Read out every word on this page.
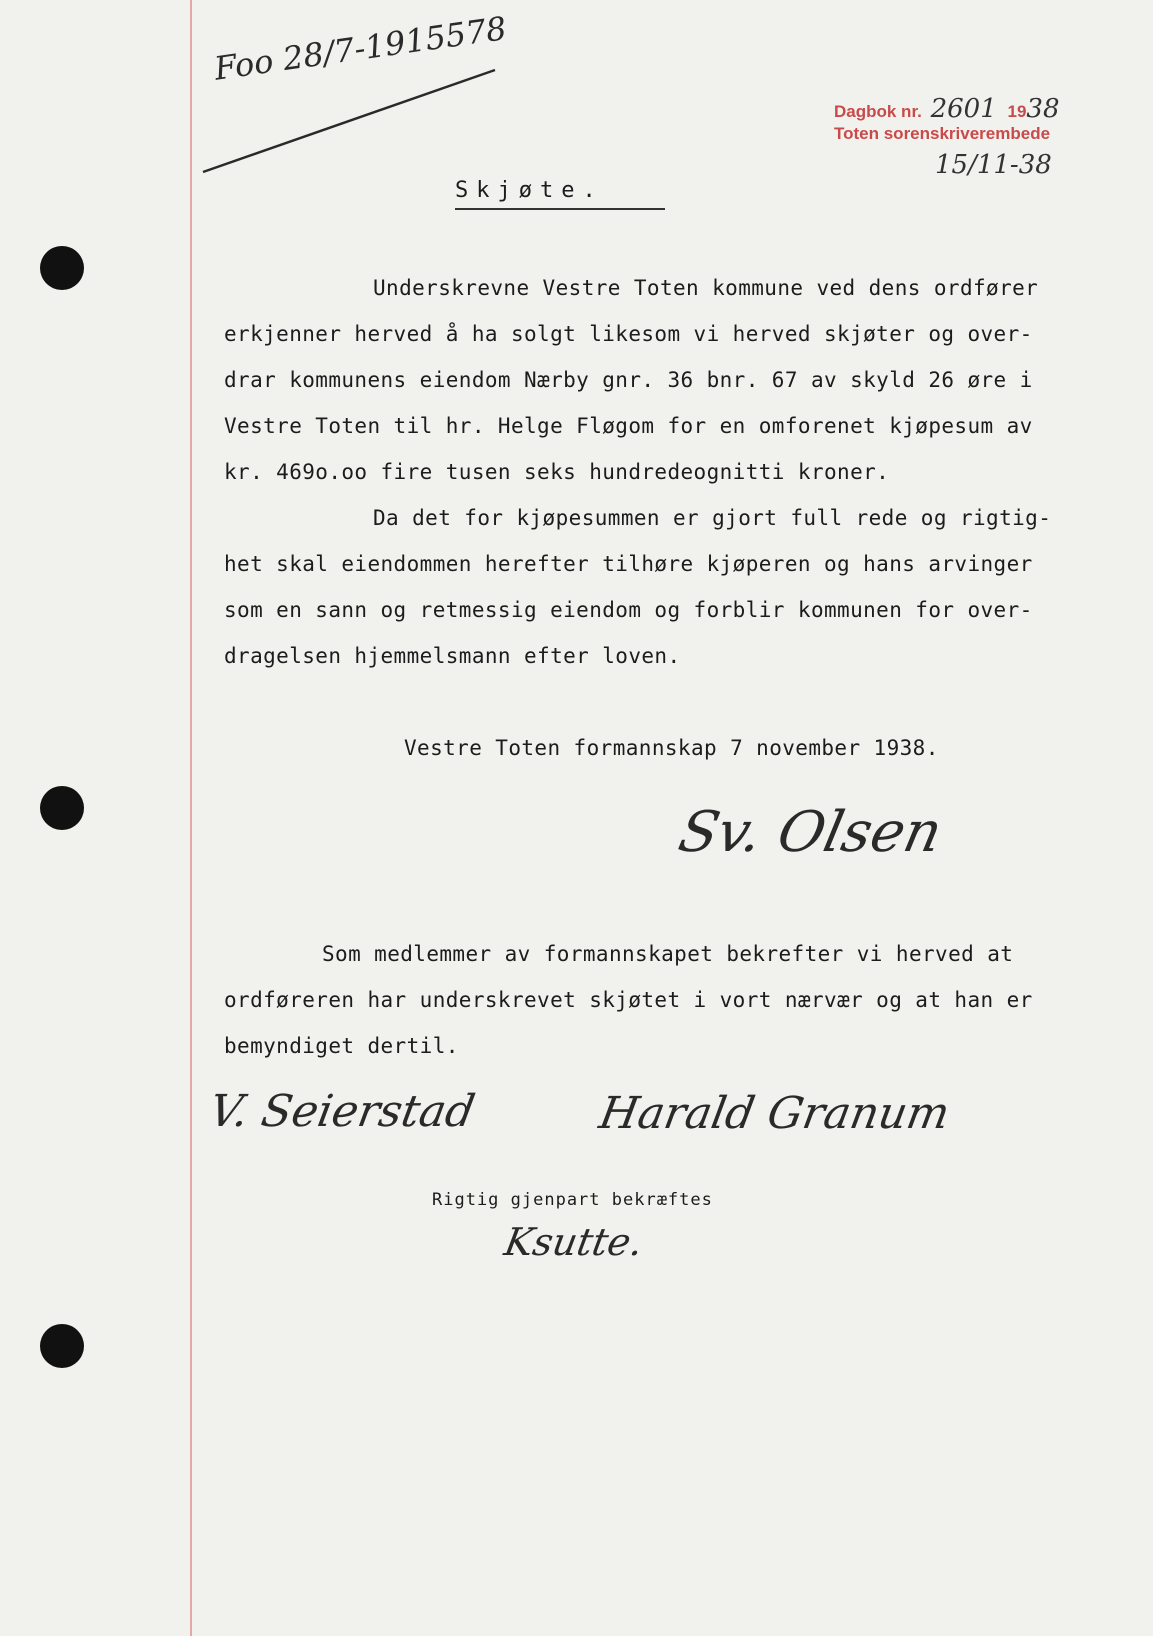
Foo 28/7-1915578
Dagbok nr. 2601 1938
Toten sorenskriverembede
15/11-38
Skjøte.
Underskrevne Vestre Toten kommune ved dens ordfører
erkjenner herved å ha solgt likesom vi herved skjøter og over-
drar kommunens eiendom Nærby gnr. 36 bnr. 67 av skyld 26 øre i
Vestre Toten til hr. Helge Fløgom for en omforenet kjøpesum av
kr. 469o.oo fire tusen seks hundredeognitti kroner.
Da det for kjøpesummen er gjort full rede og rigtig-
het skal eiendommen herefter tilhøre kjøperen og hans arvinger
som en sann og retmessig eiendom og forblir kommunen for over-
dragelsen hjemmelsmann efter loven.
Vestre Toten formannskap 7 november 1938.
Sv. Olsen
Som medlemmer av formannskapet bekrefter vi herved at
ordføreren har underskrevet skjøtet i vort nærvær og at han er
bemyndiget dertil.
V. Seierstad	Harald Granum
Rigtig gjenpart bekræftes
Ksutte.
